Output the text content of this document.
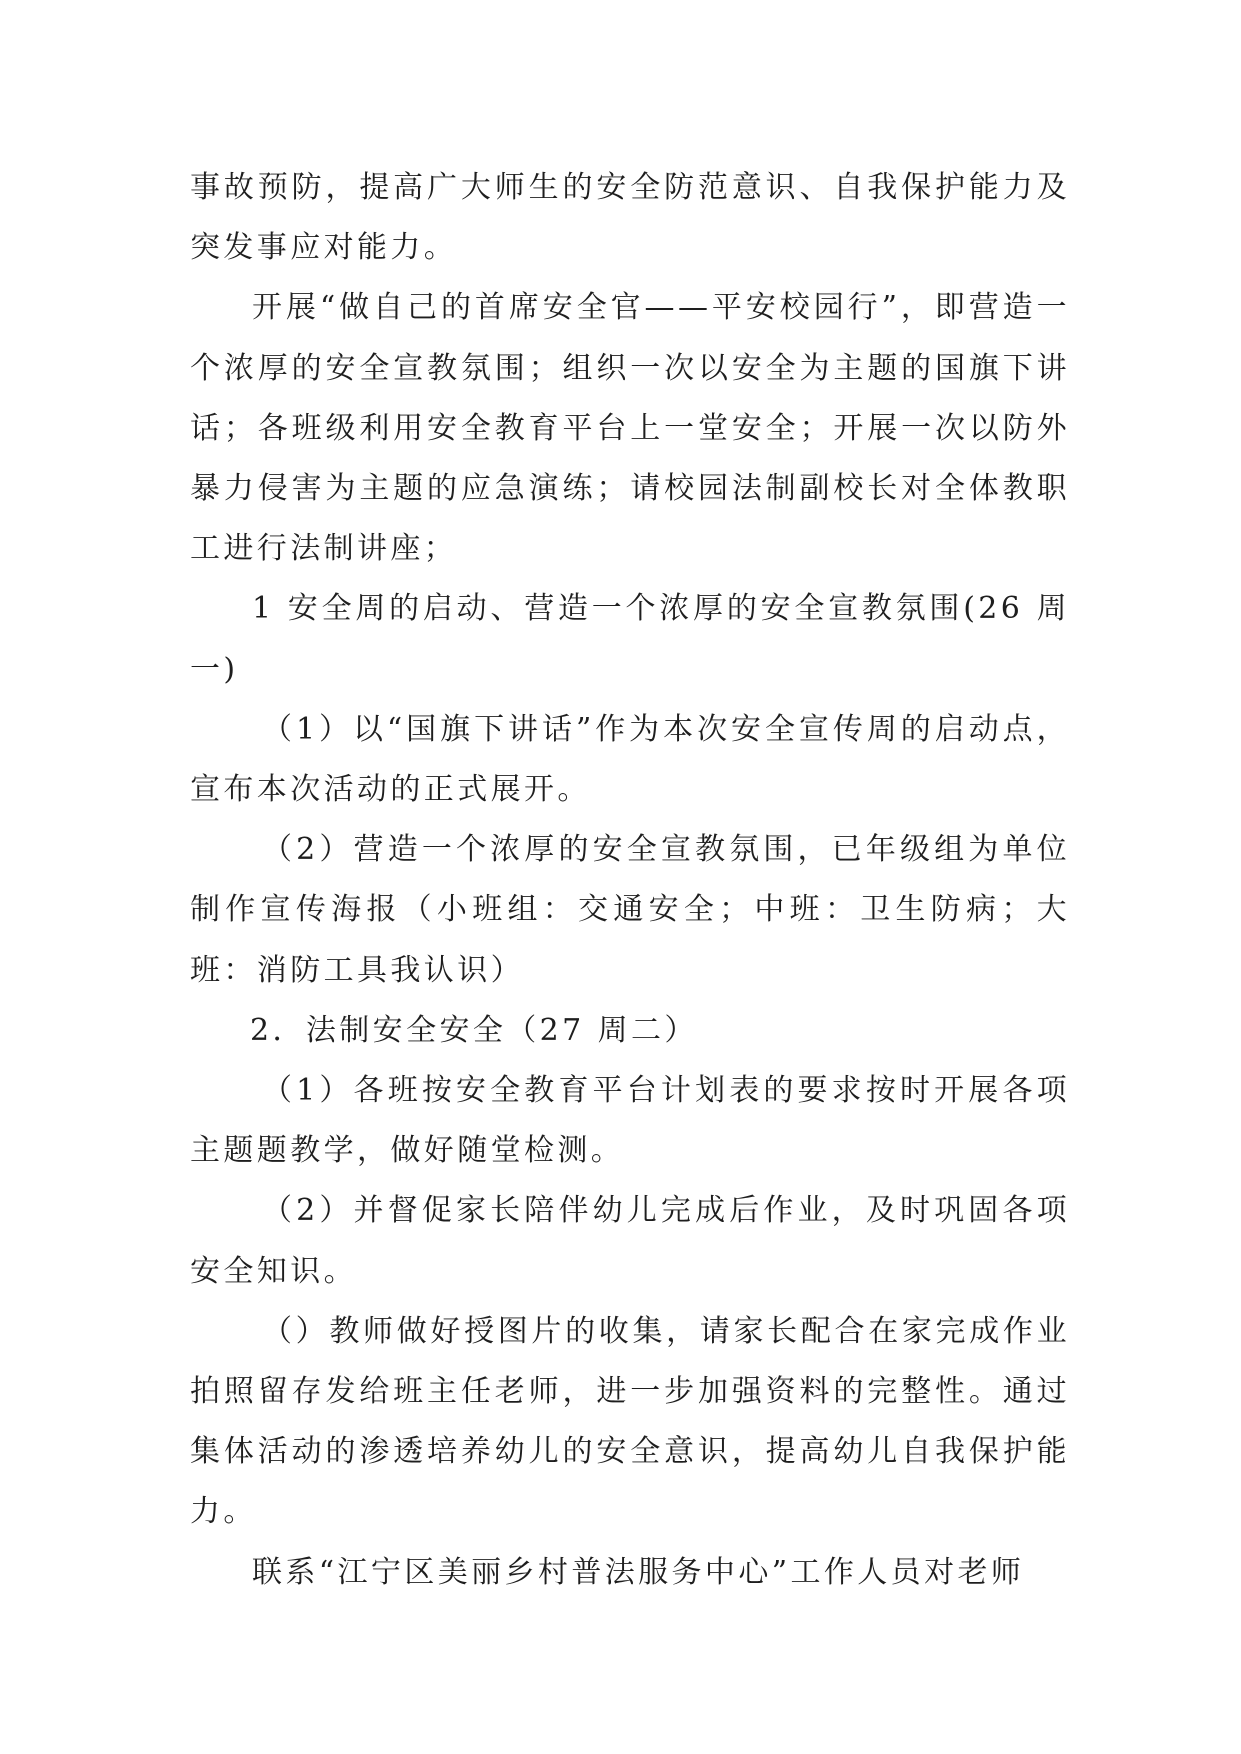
事故预防，提高广大师生的安全防范意识、自我保护能力及突发事应对能力。

开展“做自己的首席安全官——平安校园行”，即营造一个浓厚的安全宣教氛围；组织一次以安全为主题的国旗下讲话；各班级利用安全教育平台上一堂安全；开展一次以防外暴力侵害为主题的应急演练；请校园法制副校长对全体教职工进行法制讲座；

1 安全周的启动、营造一个浓厚的安全宣教氛围(26 周一)

（1）以“国旗下讲话”作为本次安全宣传周的启动点，宣布本次活动的正式展开。

（2）营造一个浓厚的安全宣教氛围，已年级组为单位制作宣传海报（小班组：交通安全；中班：卫生防病；大班：消防工具我认识）

2．法制安全安全（27 周二）

（1）各班按安全教育平台计划表的要求按时开展各项主题题教学，做好随堂检测。

（2）并督促家长陪伴幼儿完成后作业，及时巩固各项安全知识。

（）教师做好授图片的收集，请家长配合在家完成作业拍照留存发给班主任老师，进一步加强资料的完整性。通过集体活动的渗透培养幼儿的安全意识，提高幼儿自我保护能力。

联系“江宁区美丽乡村普法服务中心”工作人员对老师
